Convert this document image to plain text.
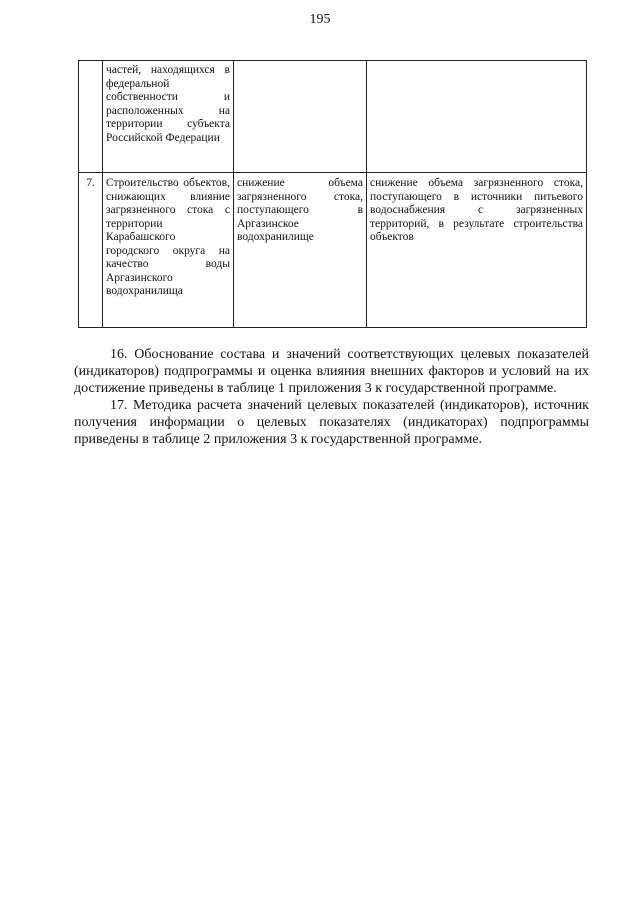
195
	частей, находящихся в федеральной собственности и расположенных на территории субъекта Российской Федерации		
7.	Строительство объектов, снижающих влияние загрязненного стока с территории Карабашского городского округа на качество воды Аргазинского водохранилища	снижение объема загрязненного стока, поступающего в Аргазинское водохранилище	снижение объема загрязненного стока, поступающего в источники питьевого водоснабжения с загрязненных территорий, в результате строительства объектов

16. Обоснование состава и значений соответствующих целевых показателей (индикаторов) подпрограммы и оценка влияния внешних факторов и условий на их достижение приведены в таблице 1 приложения 3 к государственной программе.

17. Методика расчета значений целевых показателей (индикаторов), источник получения информации о целевых показателях (индикаторах) подпрограммы приведены в таблице 2 приложения 3 к государственной программе.
